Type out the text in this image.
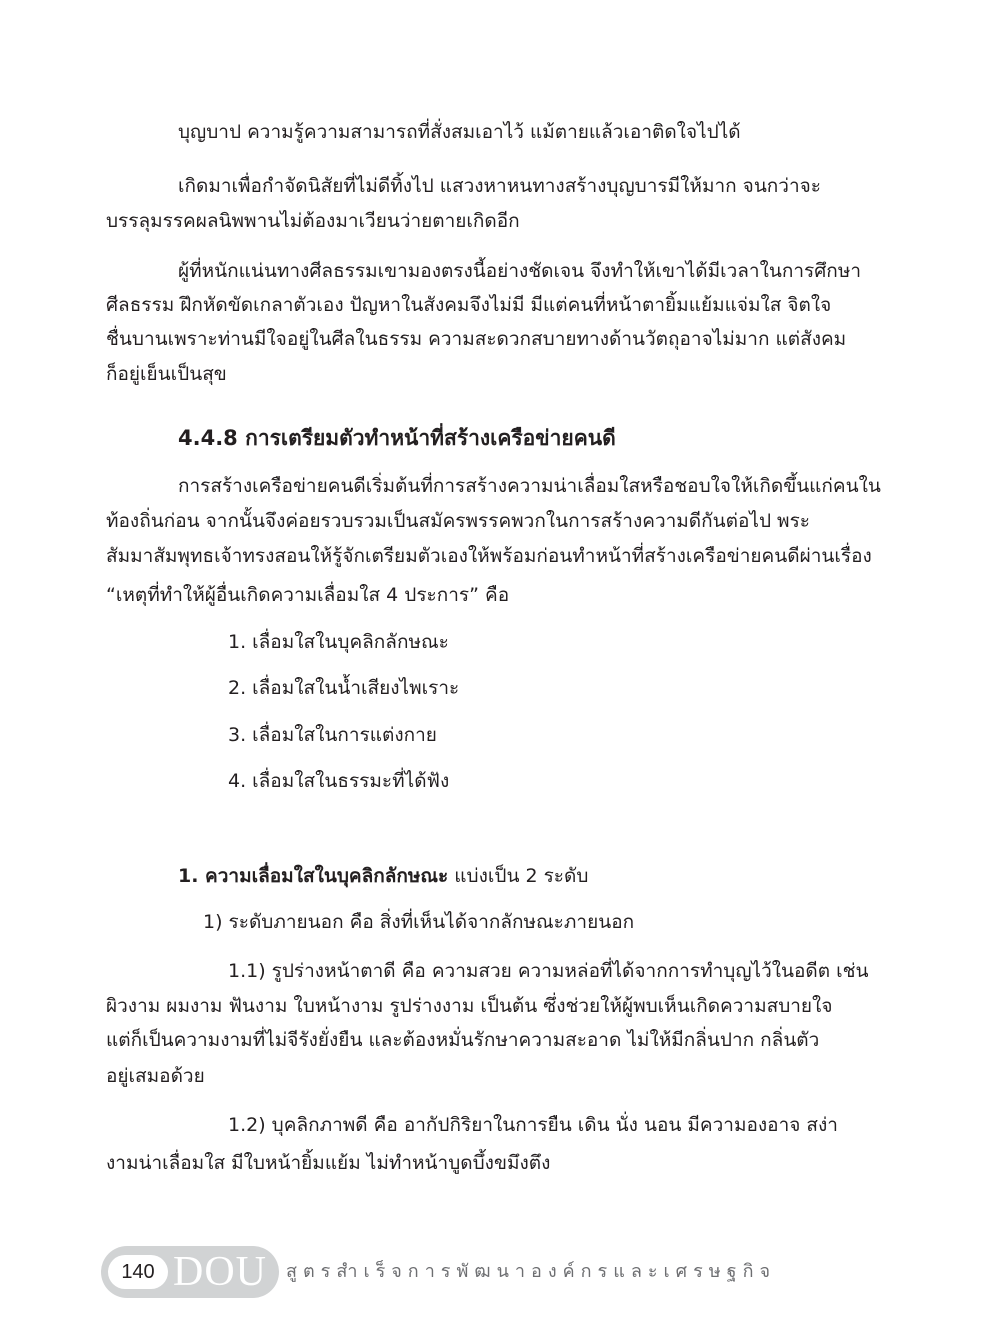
บุญบาป ความรู้ความสามารถที่สั่งสมเอาไว้ แม้ตายแล้วเอาติดใจไปได้

เกิดมาเพื่อกำจัดนิสัยที่ไม่ดีทิ้งไป แสวงหาหนทางสร้างบุญบารมีให้มาก จนกว่าจะ

บรรลุมรรคผลนิพพานไม่ต้องมาเวียนว่ายตายเกิดอีก

ผู้ที่หนักแน่นทางศีลธรรมเขามองตรงนี้อย่างชัดเจน จึงทำให้เขาได้มีเวลาในการศึกษา

ศีลธรรม ฝึกหัดขัดเกลาตัวเอง ปัญหาในสังคมจึงไม่มี มีแต่คนที่หน้าตายิ้มแย้มแจ่มใส จิตใจ

ชื่นบานเพราะท่านมีใจอยู่ในศีลในธรรม ความสะดวกสบายทางด้านวัตถุอาจไม่มาก แต่สังคม

ก็อยู่เย็นเป็นสุข

4.4.8 การเตรียมตัวทำหน้าที่สร้างเครือข่ายคนดี

การสร้างเครือข่ายคนดีเริ่มต้นที่การสร้างความน่าเลื่อมใสหรือชอบใจให้เกิดขึ้นแก่คนใน

ท้องถิ่นก่อน จากนั้นจึงค่อยรวบรวมเป็นสมัครพรรคพวกในการสร้างความดีกันต่อไป พระ

สัมมาสัมพุทธเจ้าทรงสอนให้รู้จักเตรียมตัวเองให้พร้อมก่อนทำหน้าที่สร้างเครือข่ายคนดีผ่านเรื่อง

“เหตุที่ทำให้ผู้อื่นเกิดความเลื่อมใส 4 ประการ” คือ

1. เลื่อมใสในบุคลิกลักษณะ

2. เลื่อมใสในน้ำเสียงไพเราะ

3. เลื่อมใสในการแต่งกาย

4. เลื่อมใสในธรรมะที่ได้ฟัง

1. ความเลื่อมใสในบุคลิกลักษณะ แบ่งเป็น 2 ระดับ

1) ระดับภายนอก คือ สิ่งที่เห็นได้จากลักษณะภายนอก

1.1) รูปร่างหน้าตาดี คือ ความสวย ความหล่อที่ได้จากการทำบุญไว้ในอดีต เช่น

ผิวงาม ผมงาม ฟันงาม ใบหน้างาม รูปร่างงาม เป็นต้น ซึ่งช่วยให้ผู้พบเห็นเกิดความสบายใจ

แต่ก็เป็นความงามที่ไม่จีรังยั่งยืน และต้องหมั่นรักษาความสะอาด ไม่ให้มีกลิ่นปาก กลิ่นตัว

อยู่เสมอด้วย

1.2) บุคลิกภาพดี คือ อากัปกิริยาในการยืน เดิน นั่ง นอน มีความองอาจ สง่า

งามน่าเลื่อมใส มีใบหน้ายิ้มแย้ม ไม่ทำหน้าบูดบึ้งขมึงตึง

140 DOU สูตรสำเร็จการพัฒนาองค์กรและเศรษฐกิจ
